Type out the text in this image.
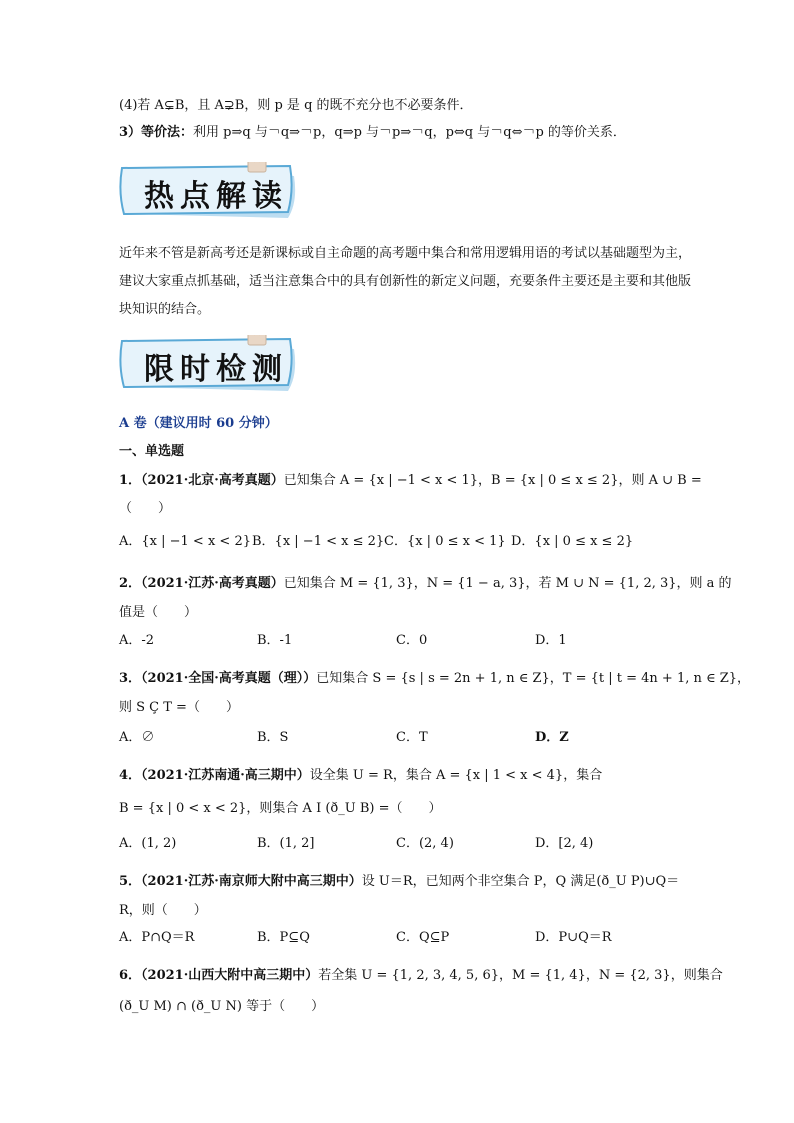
(4)若 A⊊B，且 A⊋B，则 p 是 q 的既不充分也不必要条件．
3）等价法：利用 p⇒q 与￢q⇒￢p，q⇒p 与￢p⇒￢q，p⇔q 与￢q⇔￢p 的等价关系．
热点解读
近年来不管是新高考还是新课标或自主命题的高考题中集合和常用逻辑用语的考试以基础题型为主，建议大家重点抓基础，适当注意集合中的具有创新性的新定义问题，充要条件主要还是主要和其他版块知识的结合。
限时检测
A 卷（建议用时 60 分钟）
一、单选题
1．（2021·北京·高考真题）已知集合 A = {x | −1 < x < 1}，B = {x | 0 ≤ x ≤ 2}，则 A ∪ B =
（　　）
A．{x | −1 < x < 2} B．{x | −1 < x ≤ 2} C．{x | 0 ≤ x < 1} D．{x | 0 ≤ x ≤ 2}
2．（2021·江苏·高考真题）已知集合 M = {1, 3}，N = {1 − a, 3}，若 M ∪ N = {1, 2, 3}，则 a 的
值是（　　）
A．-2	B．-1	C．0	D．1
3．（2021·全国·高考真题（理））已知集合 S = {s | s = 2n + 1, n ∈ Z}，T = {t | t = 4n + 1, n ∈ Z}，
则 S Ç T =（　　）
A．∅	B．S	C．T	D．Z
4．（2021·江苏南通·高三期中）设全集 U = R，集合 A = {x | 1 < x < 4}，集合
B = {x | 0 < x < 2}，则集合 A I (ð_U B) =（　　）
A．(1, 2)	B．(1, 2]	C．(2, 4)	D．[2, 4)
5．（2021·江苏·南京师大附中高三期中）设 U＝R，已知两个非空集合 P，Q 满足(ð_U P)∪Q＝
R，则（　　）
A．P∩Q＝R	B．P⊆Q	C．Q⊆P	D．P∪Q＝R
6．（2021·山西大附中高三期中）若全集 U = {1, 2, 3, 4, 5, 6}，M = {1, 4}，N = {2, 3}，则集合
(ð_U M) ∩ (ð_U N) 等于（　　）
